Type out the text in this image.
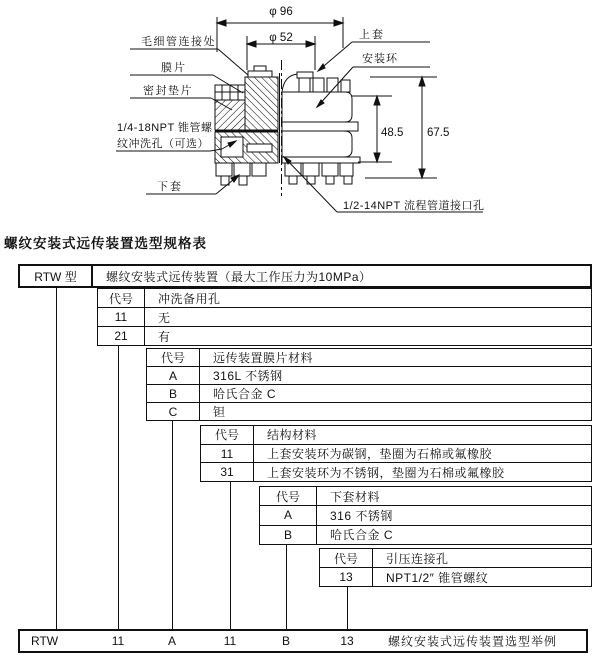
φ 96
φ 52
48.5 67.5
毛细管连接处
膜片
密封垫片
1/4-18NPT 锥管螺
纹冲洗孔（可选）
下套
上套
安装环
1/2-14NPT 流程管道接口孔
螺纹安装式远传装置选型规格表
RTW 型	螺纹安装式远传装置（最大工作压力为10MPa）
代号	冲洗备用孔
11	无
21	有
代号	远传装置膜片材料
A	316L 不锈钢
B	哈氏合金 C
C	钽
代号	结构材料
11	上套安装环为碳钢，垫圈为石棉或氟橡胶
31	上套安装环为不锈钢，垫圈为石棉或氟橡胶
代号	下套材料
A	316 不锈钢
B	哈氏合金 C
代号	引压连接孔
13	NPT1/2″ 锥管螺纹
RTW	11	A	11	B	13	螺纹安装式远传装置选型举例
